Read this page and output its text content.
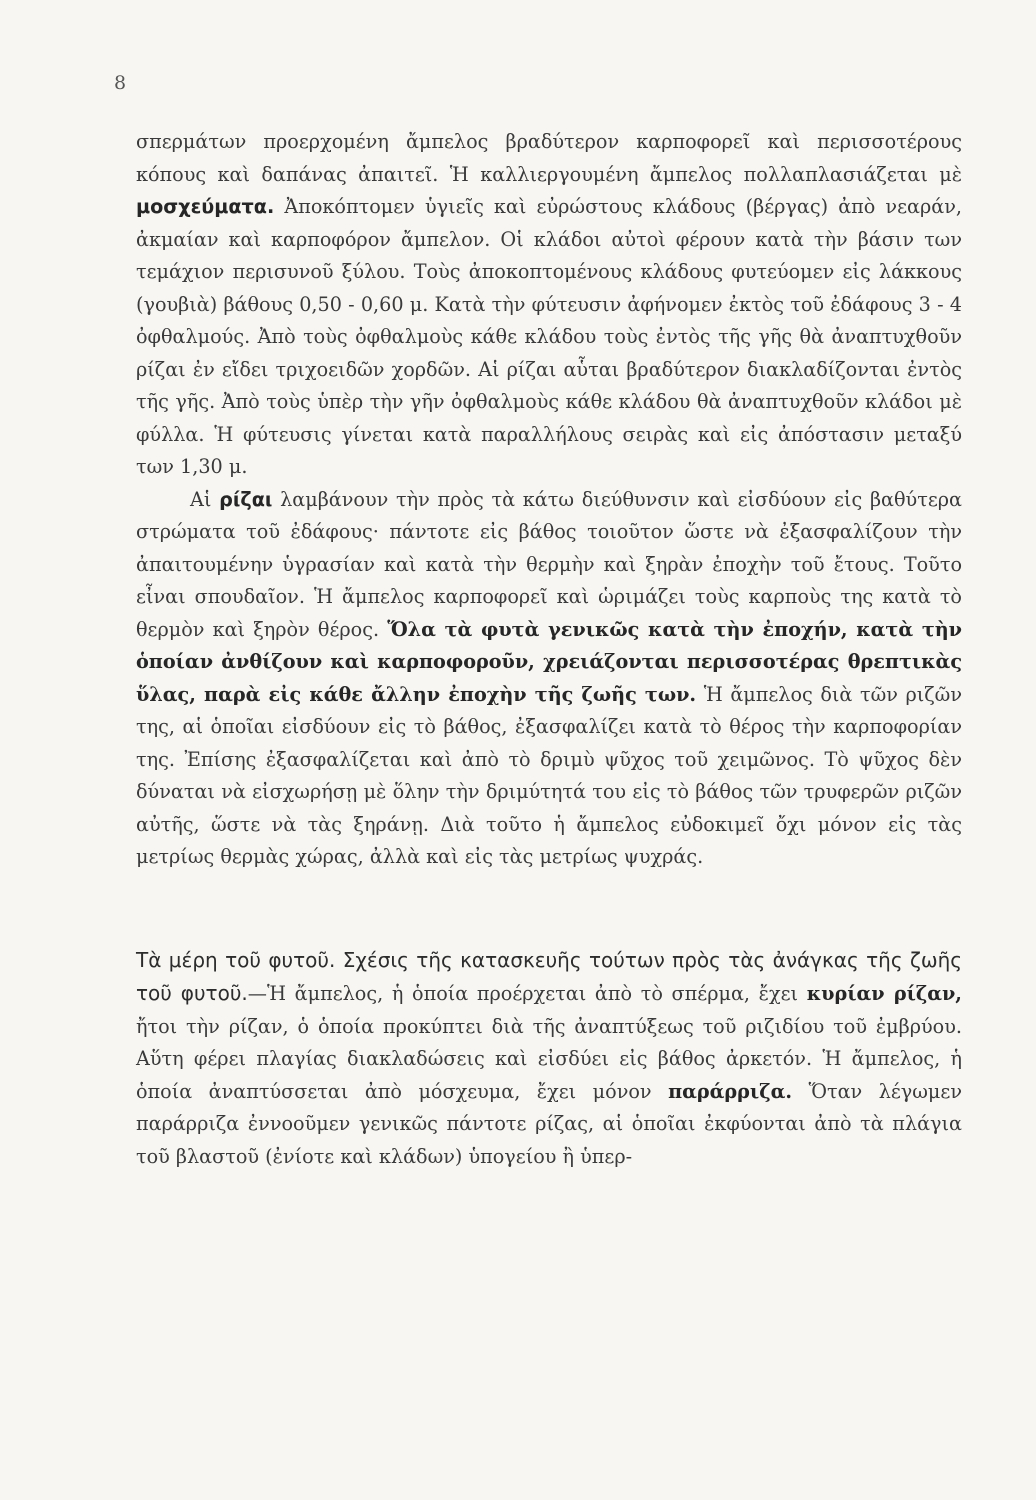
8

σπερμάτων προερχομένη ἄμπελος βραδύτερον καρποφορεῖ καὶ περισσοτέρους κόπους καὶ δαπάνας ἀπαιτεῖ. Ἡ καλλιεργουμένη ἄμπελος πολλαπλασιάζεται μὲ μοσχεύματα. Ἀποκόπτομεν ὑγιεῖς καὶ εὐρώστους κλάδους (βέργας) ἀπὸ νεαράν, ἀκμαίαν καὶ καρποφόρον ἄμπελον. Οἱ κλάδοι αὐτοὶ φέρουν κατὰ τὴν βάσιν των τεμάχιον περισυνοῦ ξύλου. Τοὺς ἀποκοπτομένους κλάδους φυτεύομεν εἰς λάκκους (γουβιὰ) βάθους 0,50 - 0,60 μ. Κατὰ τὴν φύτευσιν ἀφήνομεν ἐκτὸς τοῦ ἐδάφους 3 - 4 ὀφθαλμούς. Ἀπὸ τοὺς ὀφθαλμοὺς κάθε κλάδου τοὺς ἐντὸς τῆς γῆς θὰ ἀναπτυχθοῦν ρίζαι ἐν εἴδει τριχοειδῶν χορδῶν. Αἱ ρίζαι αὗται βραδύτερον διακλαδίζονται ἐντὸς τῆς γῆς. Ἀπὸ τοὺς ὑπὲρ τὴν γῆν ὀφθαλμοὺς κάθε κλάδου θὰ ἀναπτυχθοῦν κλάδοι μὲ φύλλα. Ἡ φύτευσις γίνεται κατὰ παραλλήλους σειρὰς καὶ εἰς ἀπόστασιν μεταξύ των 1,30 μ.

Αἱ ρίζαι λαμβάνουν τὴν πρὸς τὰ κάτω διεύθυνσιν καὶ εἰσδύουν εἰς βαθύτερα στρώματα τοῦ ἐδάφους· πάντοτε εἰς βάθος τοιοῦτον ὥστε νὰ ἐξασφαλίζουν τὴν ἀπαιτουμένην ὑγρασίαν καὶ κατὰ τὴν θερμὴν καὶ ξηρὰν ἐποχὴν τοῦ ἔτους. Τοῦτο εἶναι σπουδαῖον. Ἡ ἄμπελος καρποφορεῖ καὶ ὡριμάζει τοὺς καρποὺς της κατὰ τὸ θερμὸν καὶ ξηρὸν θέρος. Ὅλα τὰ φυτὰ γενικῶς κατὰ τὴν ἐποχήν, κατὰ τὴν ὁποίαν ἀνθίζουν καὶ καρποφοροῦν, χρειάζονται περισσοτέρας θρεπτικὰς ὕλας, παρὰ εἰς κάθε ἄλλην ἐποχὴν τῆς ζωῆς των. Ἡ ἄμπελος διὰ τῶν ριζῶν της, αἱ ὁποῖαι εἰσδύουν εἰς τὸ βάθος, ἐξασφαλίζει κατὰ τὸ θέρος τὴν καρποφορίαν της. Ἐπίσης ἐξασφαλίζεται καὶ ἀπὸ τὸ δριμὺ ψῦχος τοῦ χειμῶνος. Τὸ ψῦχος δὲν δύναται νὰ εἰσχωρήσῃ μὲ ὅλην τὴν δριμύτητά του εἰς τὸ βάθος τῶν τρυφερῶν ριζῶν αὐτῆς, ὥστε νὰ τὰς ξηράνῃ. Διὰ τοῦτο ἡ ἄμπελος εὐδοκιμεῖ ὄχι μόνον εἰς τὰς μετρίως θερμὰς χώρας, ἀλλὰ καὶ εἰς τὰς μετρίως ψυχράς.

Τὰ μέρη τοῦ φυτοῦ. Σχέσις τῆς κατασκευῆς τούτων πρὸς τὰς ἀνάγκας τῆς ζωῆς τοῦ φυτοῦ.—Ἡ ἄμπελος, ἡ ὁποία προέρχεται ἀπὸ τὸ σπέρμα, ἔχει κυρίαν ρίζαν, ἤτοι τὴν ρίζαν, ὁ ὁποία προκύπτει διὰ τῆς ἀναπτύξεως τοῦ ριζιδίου τοῦ ἐμβρύου. Αὕτη φέρει πλαγίας διακλαδώσεις καὶ εἰσδύει εἰς βάθος ἀρκετόν. Ἡ ἄμπελος, ἡ ὁποία ἀναπτύσσεται ἀπὸ μόσχευμα, ἔχει μόνον παράρριζα. Ὅταν λέγωμεν παράρριζα ἐννοοῦμεν γενικῶς πάντοτε ρίζας, αἱ ὁποῖαι ἐκφύονται ἀπὸ τὰ πλάγια τοῦ βλαστοῦ (ἐνίοτε καὶ κλάδων) ὑπογείου ἢ ὑπερ-
